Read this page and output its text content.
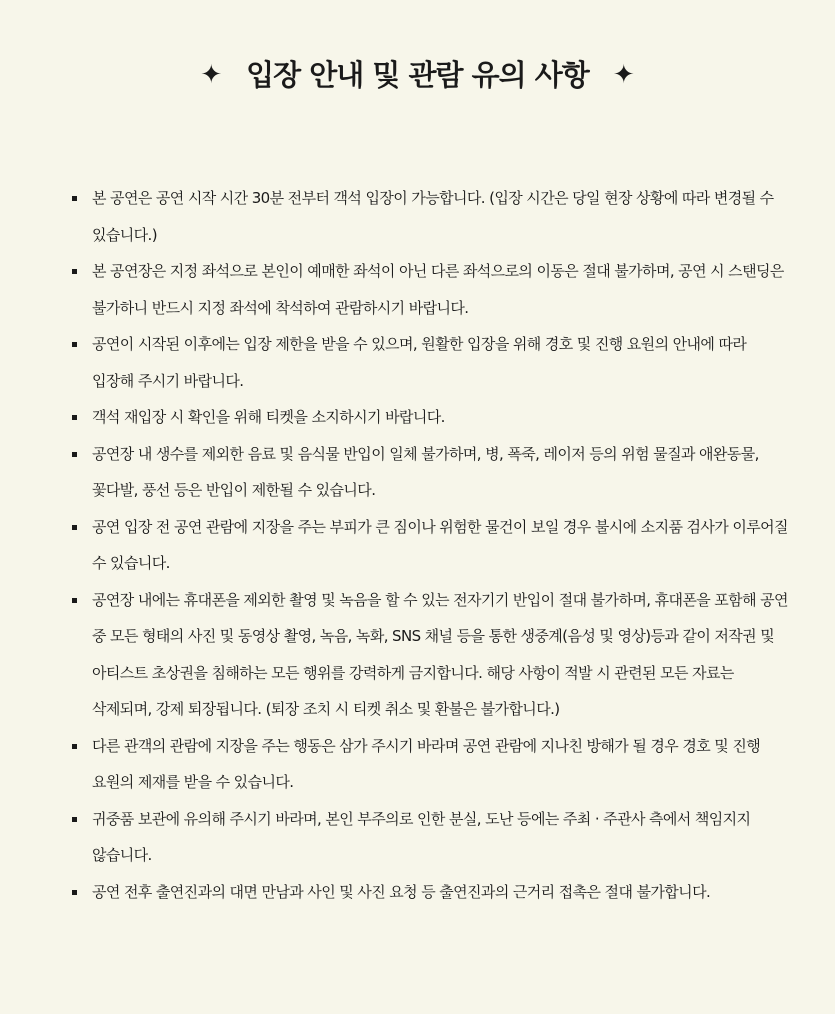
✦ 입장 안내 및 관람 유의 사항 ✦
본 공연은 공연 시작 시간 30분 전부터 객석 입장이 가능합니다. (입장 시간은 당일 현장 상황에 따라 변경될 수 있습니다.)
본 공연장은 지정 좌석으로 본인이 예매한 좌석이 아닌 다른 좌석으로의 이동은 절대 불가하며, 공연 시 스탠딩은 불가하니 반드시 지정 좌석에 착석하여 관람하시기 바랍니다.
공연이 시작된 이후에는 입장 제한을 받을 수 있으며, 원활한 입장을 위해 경호 및 진행 요원의 안내에 따라 입장해 주시기 바랍니다.
객석 재입장 시 확인을 위해 티켓을 소지하시기 바랍니다.
공연장 내 생수를 제외한 음료 및 음식물 반입이 일체 불가하며, 병, 폭죽, 레이저 등의 위험 물질과 애완동물, 꽃다발, 풍선 등은 반입이 제한될 수 있습니다.
공연 입장 전 공연 관람에 지장을 주는 부피가 큰 짐이나 위험한 물건이 보일 경우 불시에 소지품 검사가 이루어질 수 있습니다.
공연장 내에는 휴대폰을 제외한 촬영 및 녹음을 할 수 있는 전자기기 반입이 절대 불가하며, 휴대폰을 포함해 공연 중 모든 형태의 사진 및 동영상 촬영, 녹음, 녹화, SNS 채널 등을 통한 생중계(음성 및 영상)등과 같이 저작권 및 아티스트 초상권을 침해하는 모든 행위를 강력하게 금지합니다. 해당 사항이 적발 시 관련된 모든 자료는 삭제되며, 강제 퇴장됩니다. (퇴장 조치 시 티켓 취소 및 환불은 불가합니다.)
다른 관객의 관람에 지장을 주는 행동은 삼가 주시기 바라며 공연 관람에 지나친 방해가 될 경우 경호 및 진행 요원의 제재를 받을 수 있습니다.
귀중품 보관에 유의해 주시기 바라며, 본인 부주의로 인한 분실, 도난 등에는 주최 · 주관사 측에서 책임지지 않습니다.
공연 전후 출연진과의 대면 만남과 사인 및 사진 요청 등 출연진과의 근거리 접촉은 절대 불가합니다.
